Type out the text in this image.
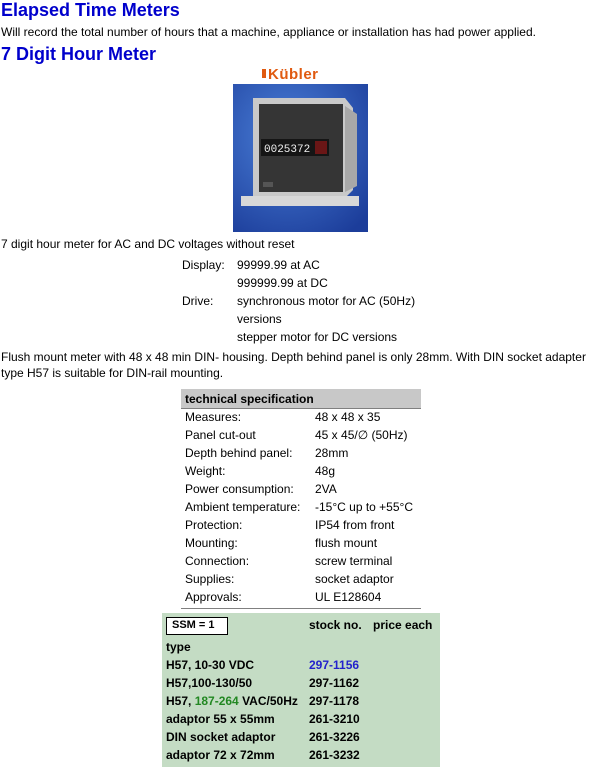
Elapsed Time Meters
Will record the total number of hours that a machine, appliance or installation has had power applied.
7 Digit Hour Meter
Kübler
0025372
7 digit hour meter for AC and DC voltages without reset
Display: 99999.99 at AC
999999.99 at DC
Drive: synchronous motor for AC (50Hz)
versions
stepper motor for DC versions
Flush mount meter with 48 x 48 min DIN- housing. Depth behind panel is only 28mm. With DIN socket adapter type H57 is suitable for DIN-rail mounting.
technical specification
Measures:	48 x 48 x 35
Panel cut-out	45 x 45/∅ (50Hz)
Depth behind panel: 28mm
Weight:	48g
Power consumption: 2VA
Ambient temperature: -15°C up to +55°C
Protection:	IP54 from front
Mounting:	flush mount
Connection:	screw terminal
Supplies:	socket adaptor
Approvals:	UL E128604
SSM = 1	stock no. price each
type
H57, 10-30 VDC	297-1156
H57,100-130/50	297-1162
H57, 187-264 VAC/50Hz 297-1178
adaptor 55 x 55mm	261-3210
DIN socket adaptor	261-3226
adaptor 72 x 72mm	261-3232
